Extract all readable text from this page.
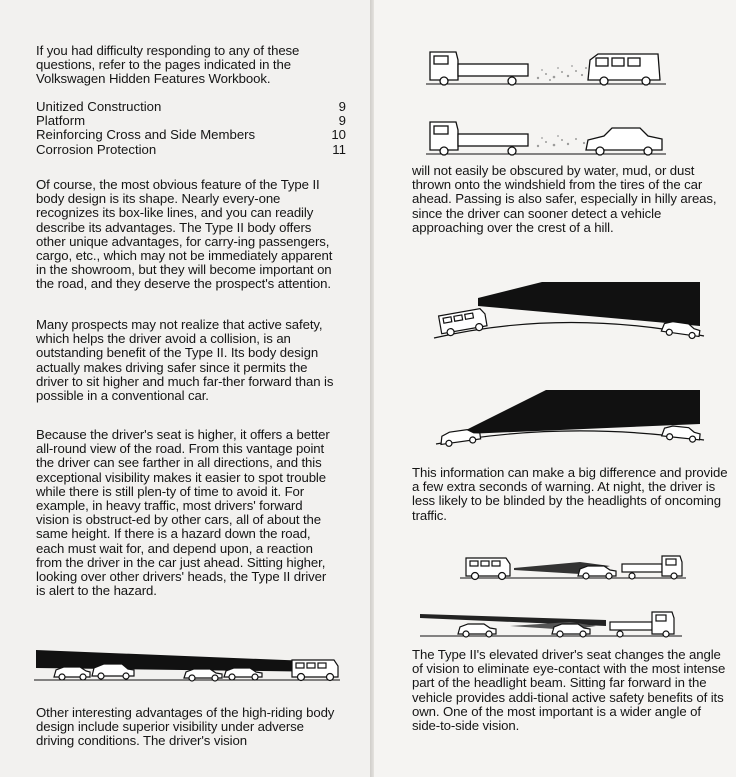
If you had difficulty responding to any of these questions, refer to the pages indicated in the Volkswagen Hidden Features Workbook.

Unitized Construction	9
Platform	9
Reinforcing Cross and Side Members	10
Corrosion Protection	11

Of course, the most obvious feature of the Type II body design is its shape. Nearly every-one recognizes its box-like lines, and you can readily describe its advantages. The Type II body offers other unique advantages, for carry-ing passengers, cargo, etc., which may not be immediately apparent in the showroom, but they will become important on the road, and they deserve the prospect's attention.

Many prospects may not realize that active safety, which helps the driver avoid a collision, is an outstanding benefit of the Type II. Its body design actually makes driving safer since it permits the driver to sit higher and much far-ther forward than is possible in a conventional car.

Because the driver's seat is higher, it offers a better all-round view of the road. From this vantage point the driver can see farther in all directions, and this exceptional visibility makes it easier to spot trouble while there is still plen-ty of time to avoid it. For example, in heavy traffic, most drivers' forward vision is obstruct-ed by other cars, all of about the same height. If there is a hazard down the road, each must wait for, and depend upon, a reaction from the driver in the car just ahead. Sitting higher, looking over other drivers' heads, the Type II driver is alert to the hazard.

Other interesting advantages of the high-riding body design include superior visibility under adverse driving conditions. The driver's vision

will not easily be obscured by water, mud, or dust thrown onto the windshield from the tires of the car ahead. Passing is also safer, especially in hilly areas, since the driver can sooner detect a vehicle approaching over the crest of a hill.

This information can make a big difference and provide a few extra seconds of warning. At night, the driver is less likely to be blinded by the headlights of oncoming traffic.

The Type II's elevated driver's seat changes the angle of vision to eliminate eye-contact with the most intense part of the headlight beam. Sitting far forward in the vehicle provides addi-tional active safety benefits of its own. One of the most important is a wider angle of side-to-side vision.
